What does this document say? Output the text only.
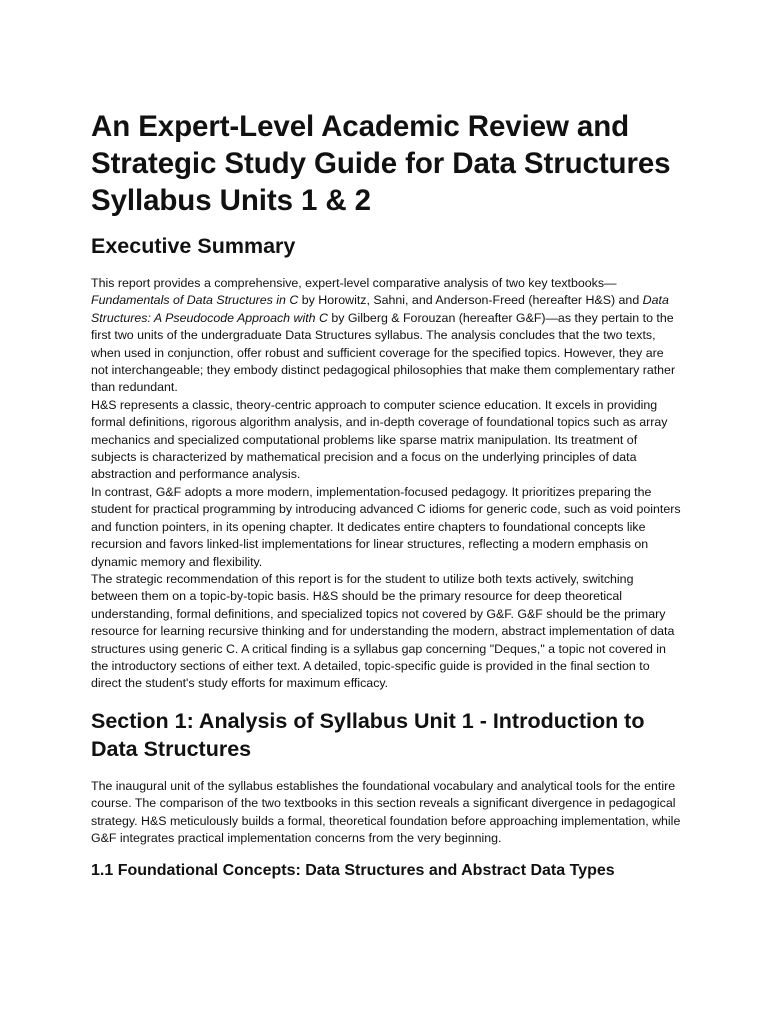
An Expert-Level Academic Review and Strategic Study Guide for Data Structures Syllabus Units 1 & 2
Executive Summary

This report provides a comprehensive, expert-level comparative analysis of two key textbooks—Fundamentals of Data Structures in C by Horowitz, Sahni, and Anderson-Freed (hereafter H&S) and Data Structures: A Pseudocode Approach with C by Gilberg & Forouzan (hereafter G&F)—as they pertain to the first two units of the undergraduate Data Structures syllabus. The analysis concludes that the two texts, when used in conjunction, offer robust and sufficient coverage for the specified topics. However, they are not interchangeable; they embody distinct pedagogical philosophies that make them complementary rather than redundant.

H&S represents a classic, theory-centric approach to computer science education. It excels in providing formal definitions, rigorous algorithm analysis, and in-depth coverage of foundational topics such as array mechanics and specialized computational problems like sparse matrix manipulation. Its treatment of subjects is characterized by mathematical precision and a focus on the underlying principles of data abstraction and performance analysis.

In contrast, G&F adopts a more modern, implementation-focused pedagogy. It prioritizes preparing the student for practical programming by introducing advanced C idioms for generic code, such as void pointers and function pointers, in its opening chapter. It dedicates entire chapters to foundational concepts like recursion and favors linked-list implementations for linear structures, reflecting a modern emphasis on dynamic memory and flexibility.

The strategic recommendation of this report is for the student to utilize both texts actively, switching between them on a topic-by-topic basis. H&S should be the primary resource for deep theoretical understanding, formal definitions, and specialized topics not covered by G&F. G&F should be the primary resource for learning recursive thinking and for understanding the modern, abstract implementation of data structures using generic C. A critical finding is a syllabus gap concerning "Deques," a topic not covered in the introductory sections of either text. A detailed, topic-specific guide is provided in the final section to direct the student's study efforts for maximum efficacy.

Section 1: Analysis of Syllabus Unit 1 - Introduction to Data Structures

The inaugural unit of the syllabus establishes the foundational vocabulary and analytical tools for the entire course. The comparison of the two textbooks in this section reveals a significant divergence in pedagogical strategy. H&S meticulously builds a formal, theoretical foundation before approaching implementation, while G&F integrates practical implementation concerns from the very beginning.

1.1 Foundational Concepts: Data Structures and Abstract Data Types
